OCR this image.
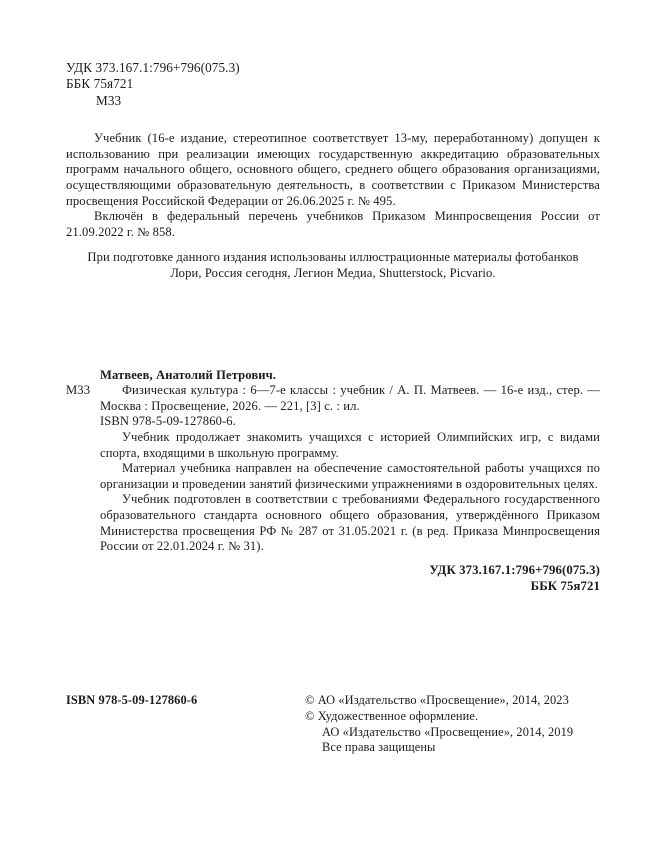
УДК 373.167.1:796+796(075.3)
ББК 75я721
М33

Учебник (16-е издание, стереотипное соответствует 13-му, переработанному) допущен к использованию при реализации имеющих государственную аккредитацию образовательных программ начального общего, основного общего, среднего общего образования организациями, осуществляющими образовательную деятельность, в соответствии с Приказом Министерства просвещения Российской Федерации от 26.06.2025 г. № 495.

Включён в федеральный перечень учебников Приказом Минпросвещения России от 21.09.2022 г. № 858.

При подготовке данного издания использованы иллюстрационные материалы фотобанков Лори, Россия сегодня, Легион Медиа, Shutterstock, Picvario.

Матвеев, Анатолий Петрович.

М33	Физическая культура : 6—7-е классы : учебник / А. П. Матвеев. — 16-е изд., стер. — Москва : Просвещение, 2026. — 221, [3] с. : ил.

ISBN 978-5-09-127860-6.

Учебник продолжает знакомить учащихся с историей Олимпийских игр, с видами спорта, входящими в школьную программу.

Материал учебника направлен на обеспечение самостоятельной работы учащихся по организации и проведении занятий физическими упражнениями в оздоровительных целях.

Учебник подготовлен в соответствии с требованиями Федерального государственного образовательного стандарта основного общего образования, утверждённого Приказом Министерства просвещения РФ № 287 от 31.05.2021 г. (в ред. Приказа Минпросвещения России от 22.01.2024 г. № 31).

УДК 373.167.1:796+796(075.3)
ББК 75я721
ISBN 978-5-09-127860-6	© АО «Издательство «Просвещение», 2014, 2023
© Художественное оформление.
АО «Издательство «Просвещение», 2014, 2019
Все права защищены
